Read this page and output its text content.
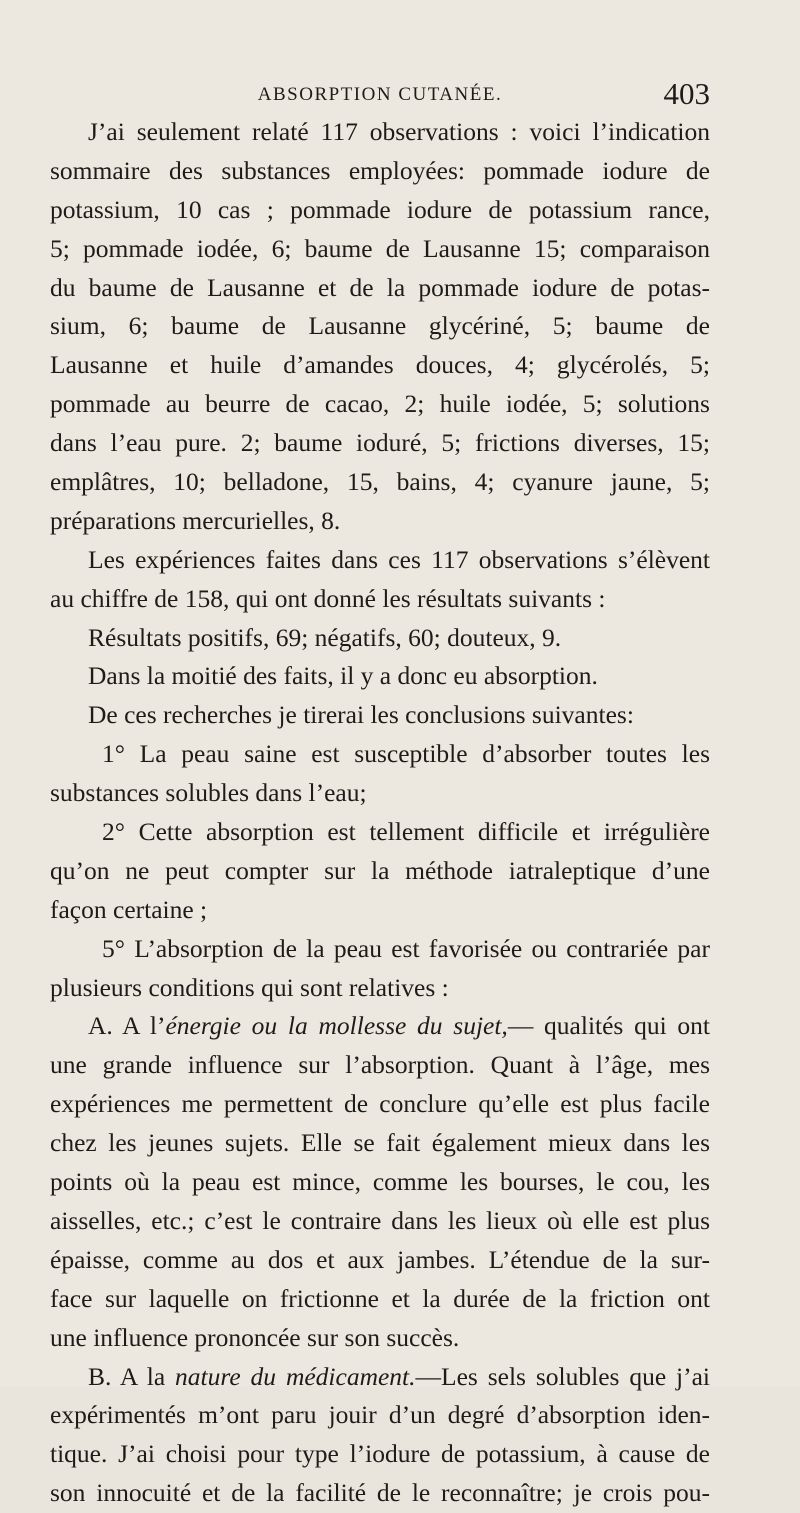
ABSORPTION CUTANÉE.	403
J’ai seulement relaté 117 observations : voici l’indication
sommaire des substances employées: pommade iodure de
potassium, 10 cas ; pommade iodure de potassium rance,
5; pommade iodée, 6; baume de Lausanne 15; comparaison
du baume de Lausanne et de la pommade iodure de potas-
sium, 6; baume de Lausanne glycériné, 5; baume de
Lausanne et huile d’amandes douces, 4; glycérolés, 5;
pommade au beurre de cacao, 2; huile iodée, 5; solutions
dans l’eau pure. 2; baume ioduré, 5; frictions diverses, 15;
emplâtres, 10; belladone, 15, bains, 4; cyanure jaune, 5;
préparations mercurielles, 8.
Les expériences faites dans ces 117 observations s’élèvent
au chiffre de 158, qui ont donné les résultats suivants :
Résultats positifs, 69; négatifs, 60; douteux, 9.
Dans la moitié des faits, il y a donc eu absorption.
De ces recherches je tirerai les conclusions suivantes:
1° La peau saine est susceptible d’absorber toutes les
substances solubles dans l’eau;
2° Cette absorption est tellement difficile et irrégulière
qu’on ne peut compter sur la méthode iatraleptique d’une
façon certaine ;
5° L’absorption de la peau est favorisée ou contrariée par
plusieurs conditions qui sont relatives :
A. A l’énergie ou la mollesse du sujet,— qualités qui ont
une grande influence sur l’absorption. Quant à l’âge, mes
expériences me permettent de conclure qu’elle est plus facile
chez les jeunes sujets. Elle se fait également mieux dans les
points où la peau est mince, comme les bourses, le cou, les
aisselles, etc.; c’est le contraire dans les lieux où elle est plus
épaisse, comme au dos et aux jambes. L’étendue de la sur-
face sur laquelle on frictionne et la durée de la friction ont
une influence prononcée sur son succès.
B. A la nature du médicament.—Les sels solubles que j’ai
expérimentés m’ont paru jouir d’un degré d’absorption iden-
tique. J’ai choisi pour type l’iodure de potassium, à cause de
son innocuité et de la facilité de le reconnaître; je crois pou-
